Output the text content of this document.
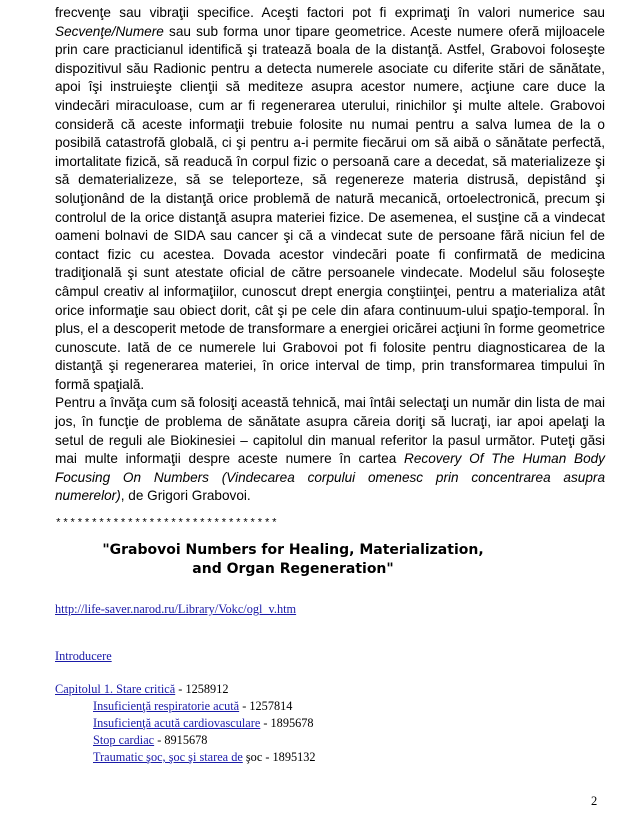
frecvenţe sau vibraţii specifice. Aceşti factori pot fi exprimaţi în valori numerice sau Secvenţe/Numere sau sub forma unor tipare geometrice. Aceste numere oferă mijloacele prin care practicianul identifică şi tratează boala de la distanţă. Astfel, Grabovoi foloseşte dispozitivul său Radionic pentru a detecta numerele asociate cu diferite stări de sănătate, apoi îşi instruieşte clienţii să mediteze asupra acestor numere, acţiune care duce la vindecări miraculoase, cum ar fi regenerarea uterului, rinichilor şi multe altele. Grabovoi consideră că aceste informaţii trebuie folosite nu numai pentru a salva lumea de la o posibilă catastrofă globală, ci şi pentru a-i permite fiecărui om să aibă o sănătate perfectă, imortalitate fizică, să readucă în corpul fizic o persoană care a decedat, să materializeze şi să dematerializeze, să se teleporteze, să regenereze materia distrusă, depistând şi soluţionând de la distanţă orice problemă de natură mecanică, ortoelectronică, precum şi controlul de la orice distanţă asupra materiei fizice. De asemenea, el susţine că a vindecat oameni bolnavi de SIDA sau cancer şi că a vindecat sute de persoane fără niciun fel de contact fizic cu acestea. Dovada acestor vindecări poate fi confirmată de medicina tradiţională şi sunt atestate oficial de către persoanele vindecate. Modelul său foloseşte câmpul creativ al informaţiilor, cunoscut drept energia conştiinţei, pentru a materializa atât orice informaţie sau obiect dorit, cât şi pe cele din afara continuum-ului spaţio-temporal. În plus, el a descoperit metode de transformare a energiei oricărei acţiuni în forme geometrice cunoscute. Iată de ce numerele lui Grabovoi pot fi folosite pentru diagnosticarea de la distanţă şi regenerarea materiei, în orice interval de timp, prin transformarea timpului în formă spaţială.

Pentru a învăţa cum să folosiţi această tehnică, mai întâi selectaţi un număr din lista de mai jos, în funcţie de problema de sănătate asupra căreia doriţi să lucraţi, iar apoi apelaţi la setul de reguli ale Biokinesiei – capitolul din manual referitor la pasul următor. Puteţi găsi mai multe informaţii despre aceste numere în cartea Recovery Of The Human Body Focusing On Numbers (Vindecarea corpului omenesc prin concentrarea asupra numerelor), de Grigori Grabovoi.

*******************************
"Grabovoi Numbers for Healing, Materialization,
and Organ Regeneration"
http://life-saver.narod.ru/Library/Vokc/ogl_v.htm
Introducere
Capitolul 1. Stare critică - 1258912
Insuficienţă respiratorie acută - 1257814
Insuficienţă acută cardiovasculare - 1895678
Stop cardiac - 8915678
Traumatic şoc, şoc şi starea de şoc - 1895132
2
